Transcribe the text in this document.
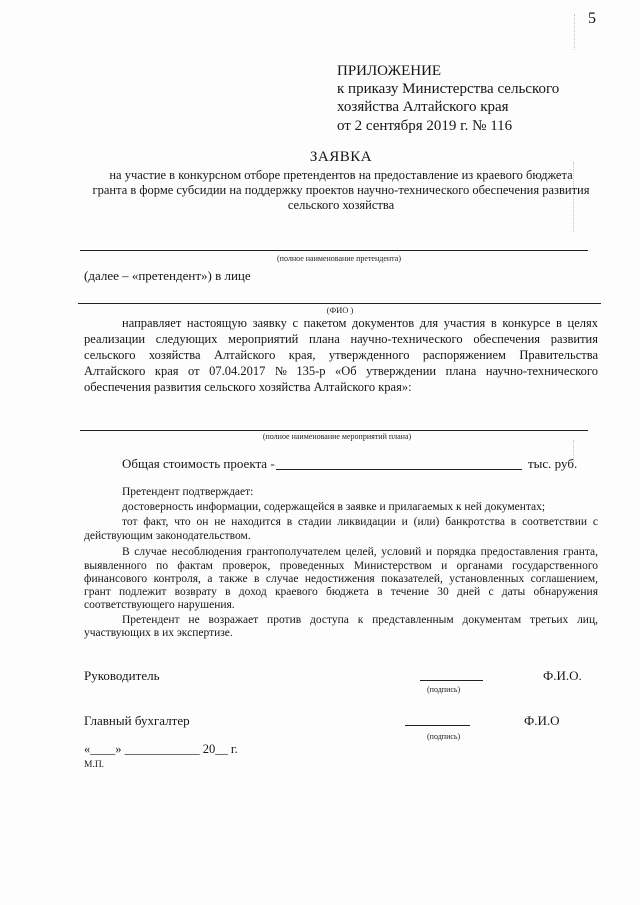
5
ПРИЛОЖЕНИЕ
к приказу Министерства сельского
хозяйства Алтайского края
от 2 сентября 2019 г. № 116
ЗАЯВКА
на участие в конкурсном отборе претендентов на предоставление из краевого бюджета
гранта в форме субсидии на поддержку проектов научно-технического обеспечения развития
сельского хозяйства
(полное наименование претендента)
(далее – «претендент») в лице
(ФИО )
направляет настоящую заявку с пакетом документов для участия в конкурсе в целях
реализации следующих мероприятий плана научно-технического обеспечения развития
сельского хозяйства Алтайского края, утвержденного распоряжением Правительства
Алтайского края от 07.04.2017 № 135-р «Об утверждении плана научно-технического
обеспечения развития сельского хозяйства Алтайского края»:
(полное наименование мероприятий плана)
Общая стоимость проекта -	тыс. руб.
Претендент подтверждает:
достоверность информации, содержащейся в заявке и прилагаемых к ней документах;
тот факт, что он не находится в стадии ликвидации и (или) банкротства в соответствии с
действующим законодательством.
В случае несоблюдения грантополучателем целей, условий и порядка предоставления гранта,
выявленного по фактам проверок, проведенных Министерством и органами государственного
финансового контроля, а также в случае недостижения показателей, установленных соглашением,
грант подлежит возврату в доход краевого бюджета в течение 30 дней с даты обнаружения
соответствующего нарушения.
Претендент не возражает против доступа к представленным документам третьих лиц,
участвующих в их экспертизе.
Руководитель
(подпись)
Ф.И.О.
Главный бухгалтер
(подпись)
Ф.И.О
«____» ____________ 20__ г.
М.П.
